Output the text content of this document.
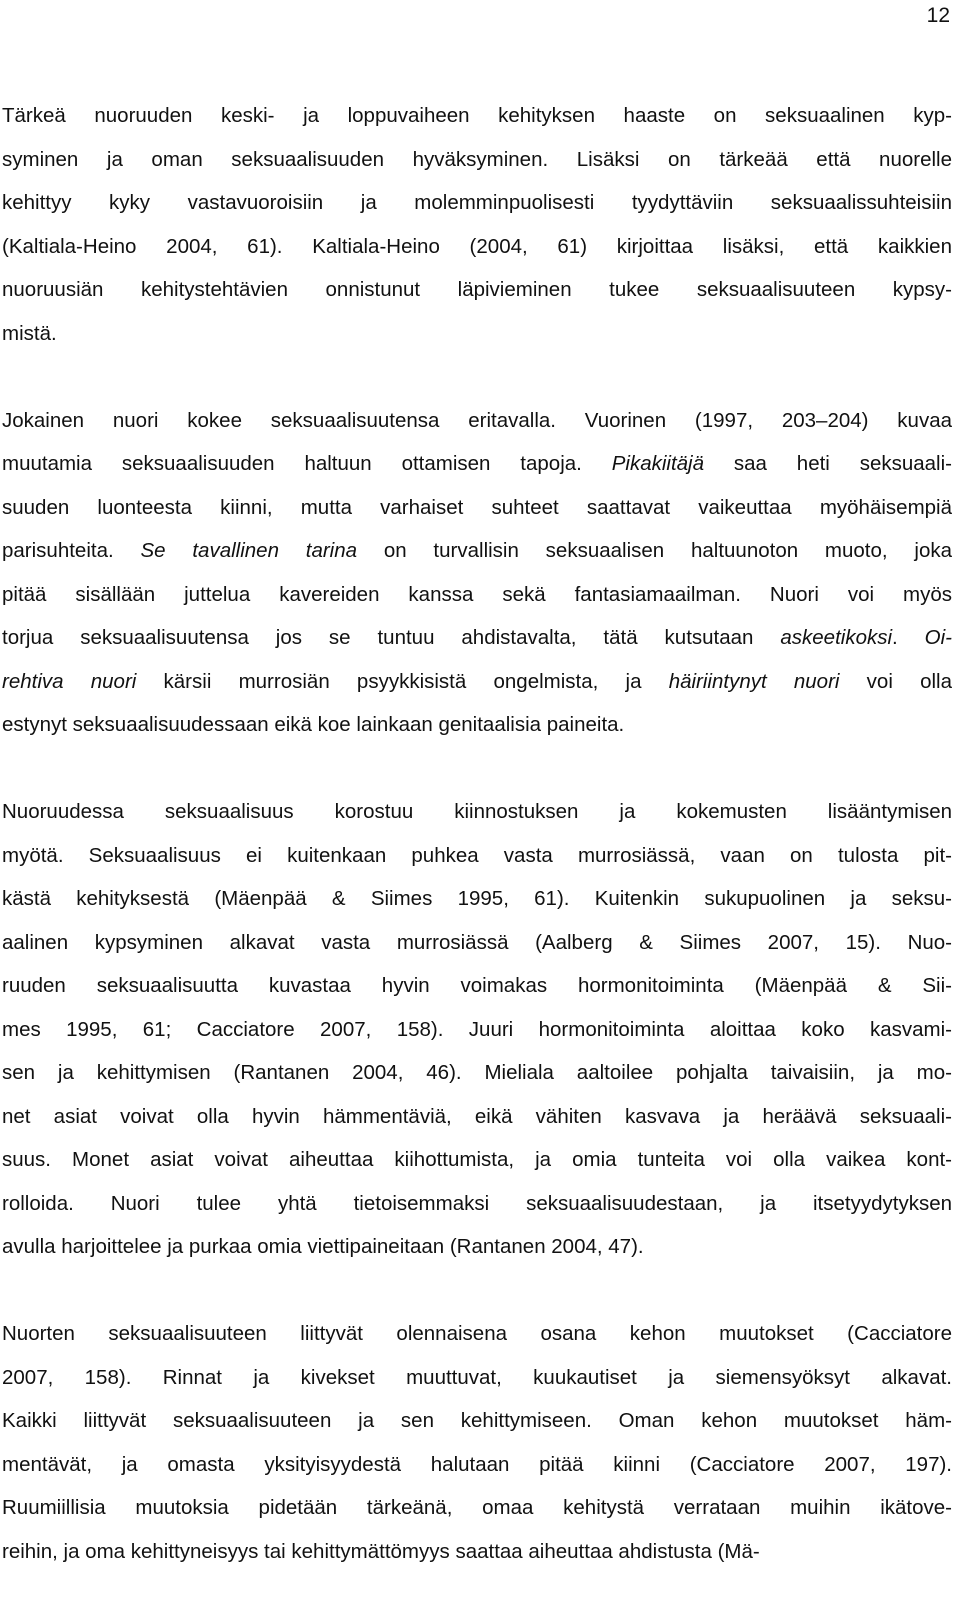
12
Tärkeä nuoruuden keski- ja loppuvaiheen kehityksen haaste on seksuaalinen kyp-
syminen ja oman seksuaalisuuden hyväksyminen. Lisäksi on tärkeää että nuorelle
kehittyy kyky vastavuoroisiin ja molemminpuolisesti tyydyttäviin seksuaalissuhteisiin
(Kaltiala-Heino 2004, 61). Kaltiala-Heino (2004, 61) kirjoittaa lisäksi, että kaikkien
nuoruusiän kehitystehtävien onnistunut läpivieminen tukee seksuaalisuuteen kypsy-
mistä.
Jokainen nuori kokee seksuaalisuutensa eritavalla. Vuorinen (1997, 203–204) kuvaa
muutamia seksuaalisuuden haltuun ottamisen tapoja. Pikakiitäjä saa heti seksuaali-
suuden luonteesta kiinni, mutta varhaiset suhteet saattavat vaikeuttaa myöhäisempiä
parisuhteita. Se tavallinen tarina on turvallisin seksuaalisen haltuunoton muoto, joka
pitää sisällään juttelua kavereiden kanssa sekä fantasiamaailman. Nuori voi myös
torjua seksuaalisuutensa jos se tuntuu ahdistavalta, tätä kutsutaan askeetikoksi. Oi-
rehtiva nuori kärsii murrosiän psyykkisistä ongelmista, ja häiriintynyt nuori voi olla
estynyt seksuaalisuudessaan eikä koe lainkaan genitaalisia paineita.
Nuoruudessa seksuaalisuus korostuu kiinnostuksen ja kokemusten lisääntymisen
myötä. Seksuaalisuus ei kuitenkaan puhkea vasta murrosiässä, vaan on tulosta pit-
kästä kehityksestä (Mäenpää & Siimes 1995, 61). Kuitenkin sukupuolinen ja seksu-
aalinen kypsyminen alkavat vasta murrosiässä (Aalberg & Siimes 2007, 15). Nuo-
ruuden seksuaalisuutta kuvastaa hyvin voimakas hormonitoiminta (Mäenpää & Sii-
mes 1995, 61; Cacciatore 2007, 158). Juuri hormonitoiminta aloittaa koko kasvami-
sen ja kehittymisen (Rantanen 2004, 46). Mieliala aaltoilee pohjalta taivaisiin, ja mo-
net asiat voivat olla hyvin hämmentäviä, eikä vähiten kasvava ja heräävä seksuaali-
suus. Monet asiat voivat aiheuttaa kiihottumista, ja omia tunteita voi olla vaikea kont-
rolloida. Nuori tulee yhtä tietoisemmaksi seksuaalisuudestaan, ja itsetyydytyksen
avulla harjoittelee ja purkaa omia viettipaineitaan (Rantanen 2004, 47).
Nuorten seksuaalisuuteen liittyvät olennaisena osana kehon muutokset (Cacciatore
2007, 158). Rinnat ja kivekset muuttuvat, kuukautiset ja siemensyöksyt alkavat.
Kaikki liittyvät seksuaalisuuteen ja sen kehittymiseen. Oman kehon muutokset häm-
mentävät, ja omasta yksityisyydestä halutaan pitää kiinni (Cacciatore 2007, 197).
Ruumiillisia muutoksia pidetään tärkeänä, omaa kehitystä verrataan muihin ikätove-
reihin, ja oma kehittyneisyys tai kehittymättömyys saattaa aiheuttaa ahdistusta (Mä-
